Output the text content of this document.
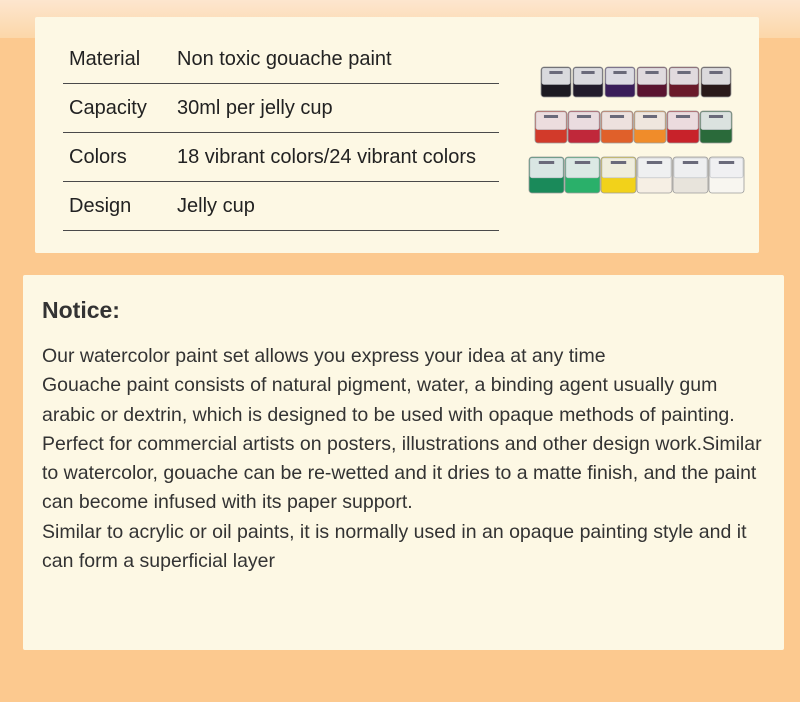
Material	Non toxic gouache paint
Capacity	30ml per jelly cup
Colors	18 vibrant colors/24 vibrant colors
Design	Jelly cup
Notice:
Our watercolor paint set allows you express your idea at any time
Gouache paint consists of natural pigment, water, a binding agent usually gum arabic or dextrin, which is designed to be used with opaque methods of painting.
Perfect for commercial artists on posters, illustrations and other design work.Similar to watercolor, gouache can be re-wetted and it dries to a matte finish, and the paint can become infused with its paper support.
Similar to acrylic or oil paints, it is normally used in an opaque painting style and it can form a superficial layer
